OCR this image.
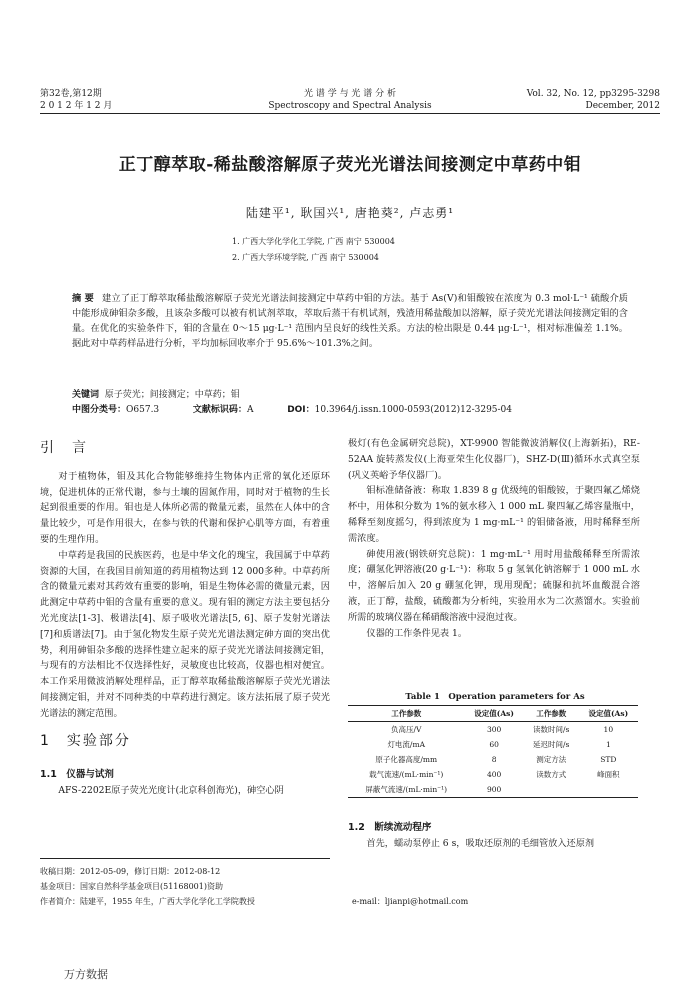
第32卷,第12期
2 0 1 2 年 1 2 月
光 谱 学 与 光 谱 分 析
Spectroscopy and Spectral Analysis
Vol. 32, No. 12, pp3295-3298
December, 2012
正丁醇萃取-稀盐酸溶解原子荧光光谱法间接测定中草药中钼
陆建平¹, 耿国兴¹, 唐艳葵², 卢志勇¹
1. 广西大学化学化工学院, 广西 南宁 530004
2. 广西大学环境学院, 广西 南宁 530004
摘 要 建立了正丁醇萃取稀盐酸溶解原子荧光光谱法间接测定中草药中钼的方法。基于 As(Ⅴ)和钼酸铵在浓度为 0.3 mol·L⁻¹ 硫酸介质中能形成砷钼杂多酸，且该杂多酸可以被有机试剂萃取，萃取后蒸干有机试剂，残渣用稀盐酸加以溶解，原子荧光光谱法间接测定钼的含量。在优化的实验条件下，钼的含量在 0～15 μg·L⁻¹ 范围内呈良好的线性关系。方法的检出限是 0.44 μg·L⁻¹，相对标准偏差 1.1%。据此对中草药样品进行分析，平均加标回收率介于 95.6%～101.3%之间。
关键词 原子荧光；间接测定；中草药；钼
中图分类号：O657.3	文献标识码：A	DOI：10.3964/j.issn.1000-0593(2012)12-3295-04
引　言

对于植物体，钼及其化合物能够维持生物体内正常的氧化还原环境，促进机体的正常代谢，参与土壤的固氮作用，同时对于植物的生长起到很重要的作用。钼也是人体所必需的微量元素，虽然在人体中的含量比较少，可是作用很大，在参与铁的代谢和保护心肌等方面，有着重要的生理作用。

中草药是我国的民族医药，也是中华文化的瑰宝，我国属于中草药资源的大国，在我国目前知道的药用植物达到 12 000多种。中草药所含的微量元素对其药效有重要的影响，钼是生物体必需的微量元素，因此测定中草药中钼的含量有重要的意义。现有钼的测定方法主要包括分光光度法[1-3]、极谱法[4]、原子吸收光谱法[5, 6]、原子发射光谱法[7]和质谱法[7]。由于氢化物发生原子荧光光谱法测定砷方面的突出优势，利用砷钼杂多酸的选择性建立起来的原子荧光光谱法间接测定钼，与现有的方法相比不仅选择性好，灵敏度也比较高，仪器也相对便宜。本工作采用微波消解处理样品，正丁醇萃取稀盐酸溶解原子荧光光谱法间接测定钼，并对不同种类的中草药进行测定。该方法拓展了原子荧光光谱法的测定范围。

1　实验部分
1.1　仪器与试剂

AFS-2202E原子荧光光度计(北京科创海光)，砷空心阴

极灯(有色金属研究总院)，XT-9900 智能微波消解仪(上海新拓)，RE-52AA 旋转蒸发仪(上海亚荣生化仪器厂)，SHZ-D(Ⅲ)循环水式真空泵(巩义英峪予华仪器厂)。

钼标准储备液：称取 1.839 8 g 优级纯的钼酸铵，于聚四氟乙烯烧杯中，用体积分数为 1%的氨水移入 1 000 mL 聚四氟乙烯容量瓶中，稀释至刻度摇匀，得到浓度为 1 mg·mL⁻¹ 的钼储备液，用时稀释至所需浓度。

砷使用液(钢铁研究总院)：1 mg·mL⁻¹ 用时用盐酸稀释至所需浓度；硼氢化钾溶液(20 g·L⁻¹)：称取 5 g 氢氧化钠溶解于 1 000 mL 水中，溶解后加入 20 g 硼氢化钾，现用现配；硫脲和抗坏血酸混合溶液，正丁醇，盐酸，硫酸都为分析纯，实验用水为二次蒸馏水。实验前所需的玻璃仪器在稀硝酸溶液中浸泡过夜。

仪器的工作条件见表 1。

Table 1　Operation parameters for As
工作参数	设定值(As)	工作参数	设定值(As)
负高压/V	300	读数时间/s	10
灯电流/mA	60	延迟时间/s	1
原子化器高度/mm	8	测定方法	STD
载气流速/(mL·min⁻¹)	400	读数方式	峰面积
屏蔽气流速/(mL·min⁻¹)	900		
1.2　断续流动程序

首先，蠕动泵停止 6 s，吸取还原剂的毛细管放入还原剂

收稿日期：2012-05-09，修订日期：2012-08-12
基金项目：国家自然科学基金项目(51168001)资助
作者简介：陆建平，1955 年生，广西大学化学化工学院教授	e-mail：ljianpi@hotmail.com
万方数据
